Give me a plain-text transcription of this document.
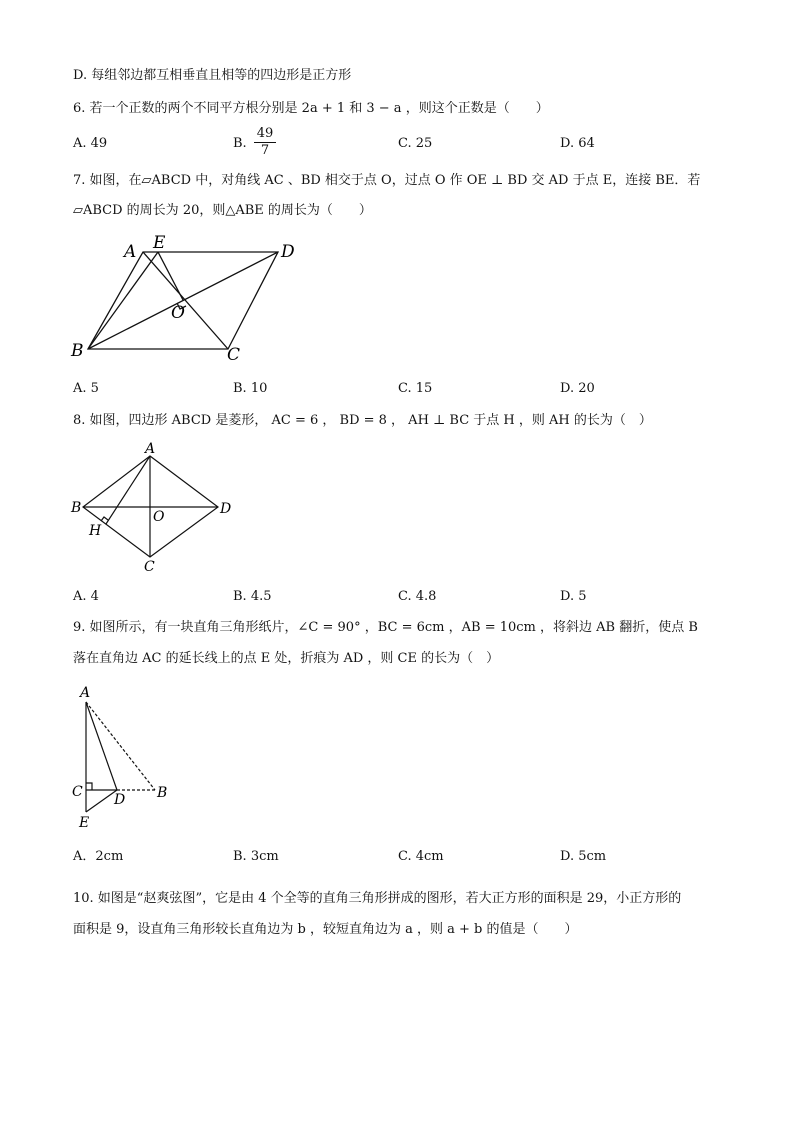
D. 每组邻边都互相垂直且相等的四边形是正方形
6. 若一个正数的两个不同平方根分别是 2a + 1 和 3 − a ，则这个正数是（　　）
A. 49	B. $\frac{49}{7}$	C. 25	D. 64
7. 如图，在▱ABCD 中，对角线 AC 、BD 相交于点 O，过点 O 作 OE ⊥ BD 交 AD 于点 E，连接 BE．若
▱ABCD 的周长为 20，则△ABE 的周长为（　　）
A E	D
O
B	C
A. 5	B. 10	C. 15	D. 20
8. 如图，四边形 ABCD 是菱形， AC = 6 ， BD = 8 ， AH ⊥ BC 于点 H ，则 AH 的长为（　）
A
B	D
O
H
C
A. 4	B. 4.5	C. 4.8	D. 5
9. 如图所示，有一块直角三角形纸片，∠C = 90° ，BC = 6cm ，AB = 10cm ，将斜边 AB 翻折，使点 B
落在直角边 AC 的延长线上的点 E 处，折痕为 AD ，则 CE 的长为（　）
A
C D B
E
A．2cm	B. 3cm	C. 4cm	D. 5cm
10. 如图是“赵爽弦图”，它是由 4 个全等的直角三角形拼成的图形，若大正方形的面积是 29，小正方形的
面积是 9，设直角三角形较长直角边为 b ，较短直角边为 a ，则 a + b 的值是（　　）
